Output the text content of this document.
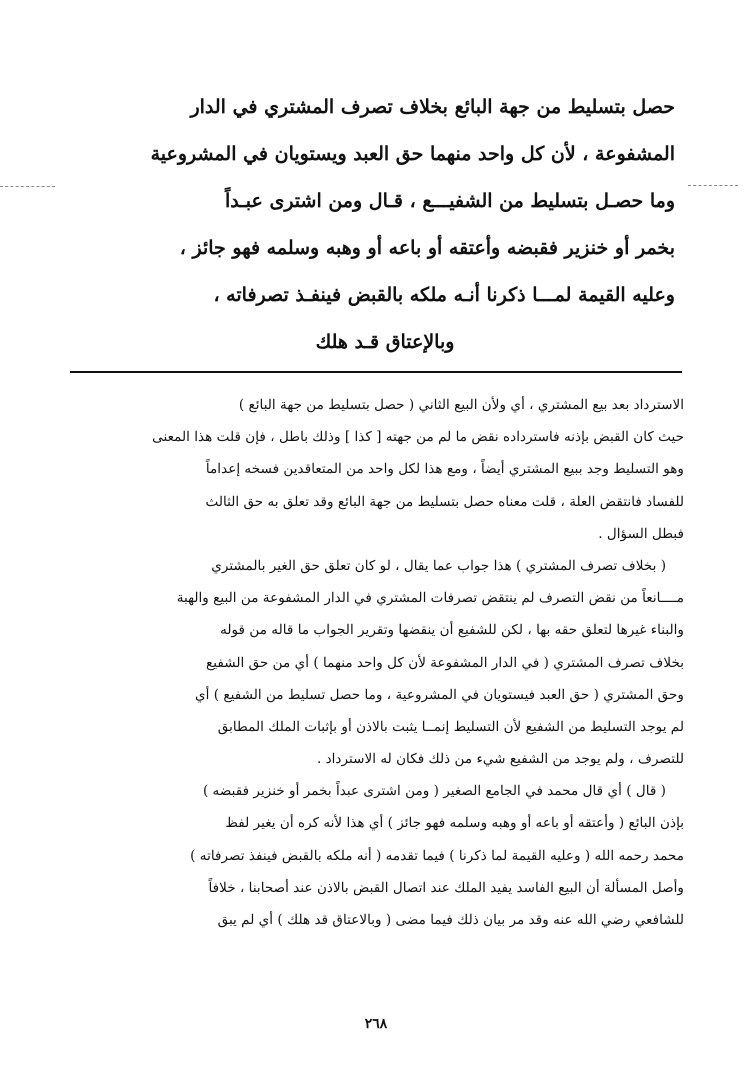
حصل بتسليط من جهة البائع بخلاف تصرف المشتري في الدار
المشفوعة ، لأن كل واحد منهما حق العبد ويستويان في المشروعية
وما حصـل بتسليط من الشفيـــع ، قـال ومن اشترى عبـداً
بخمر أو خنزير فقبضه وأعتقه أو باعه أو وهبه وسلمه فهو جائز ،
وعليه القيمة لمـــا ذكرنا أنـه ملكه بالقبض فينفـذ تصرفاته ،
وبالإعتاق قـد هلك
الاسترداد بعد بيع المشتري ، أي ولأن البيع الثاني ( حصل بتسليط من جهة البائع )
حيث كان القبض بإذنه فاسترداده نقض ما لم من جهته [ كذا ] وذلك باطل ، فإن قلت هذا المعنى
وهو التسليط وجد ببيع المشتري أيضاً ، ومع هذا لكل واحد من المتعاقدين فسخه إعداماً
للفساد فانتقض العلة ، قلت معناه حصل بتسليط من جهة البائع وقد تعلق به حق الثالث
فبطل السؤال .
( بخلاف تصرف المشتري ) هذا جواب عما يقال ، لو كان تعلق حق الغير بالمشتري
مــــانعاً من نقض التصرف لم ينتقض تصرفات المشتري في الدار المشفوعة من البيع والهبة
والبناء غيرها لتعلق حقه بها ، لكن للشفيع أن ينقضها وتقرير الجواب ما قاله من قوله
بخلاف تصرف المشتري ( في الدار المشفوعة لأن كل واحد منهما ) أي من حق الشفيع
وحق المشتري ( حق العبد فيستويان في المشروعية ، وما حصل تسليط من الشفيع ) أي
لم يوجد التسليط من الشفيع لأن التسليط إنمــا يثبت بالاذن أو بإثبات الملك المطابق
للتصرف ، ولم يوجد من الشفيع شيء من ذلك فكان له الاسترداد .
( قال ) أي قال محمد في الجامع الصغير ( ومن اشترى عبداً بخمر أو خنزير فقبضه )
بإذن البائع ( وأعتقه أو باعه أو وهبه وسلمه فهو جائز ) أي هذا لأنه كره أن يغير لفظ
محمد رحمه الله ( وعليه القيمة لما ذكرنا ) فيما تقدمه ( أنه ملكه بالقبض فينفذ تصرفاته )
وأصل المسألة أن البيع الفاسد يفيد الملك عند اتصال القبض بالاذن عند أصحابنا ، خلافاً
للشافعي رضي الله عنه وقد مر بيان ذلك فيما مضى ( وبالاعتاق قد هلك ) أي لم يبق
٢٦٨
